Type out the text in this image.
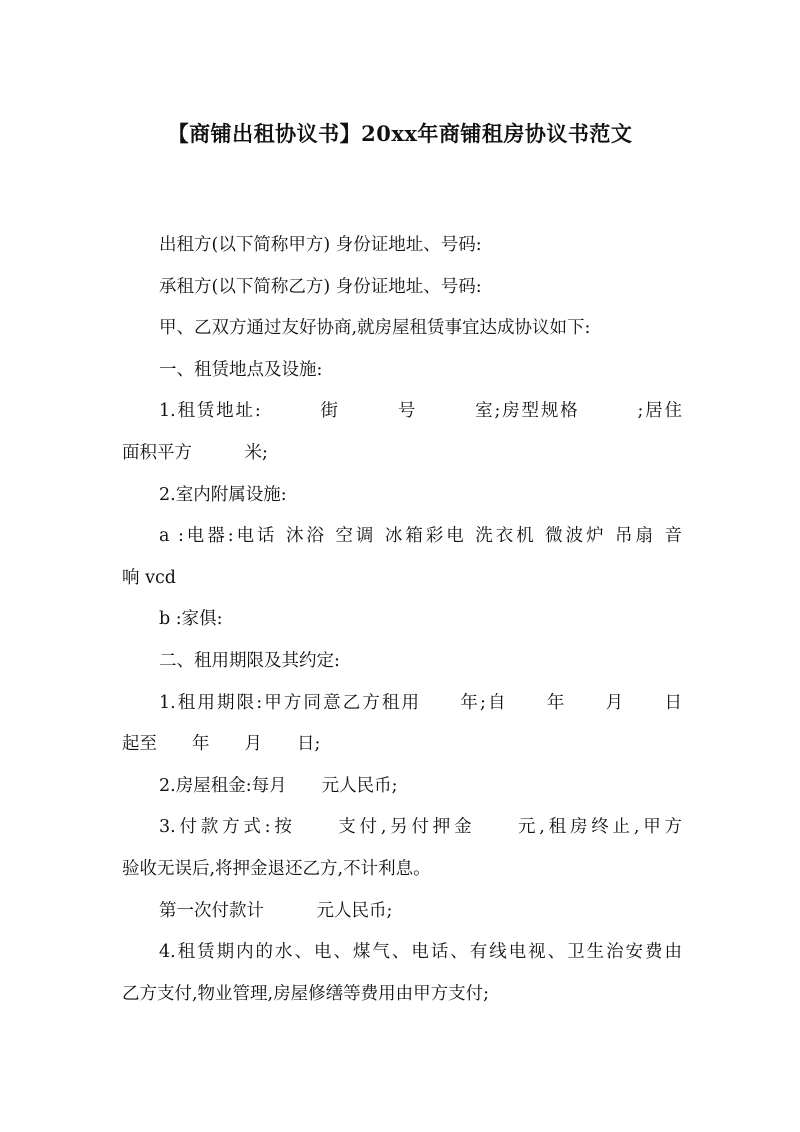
【商铺出租协议书】20xx年商铺租房协议书范文
出租方(以下简称甲方) 身份证地址、号码:
承租方(以下简称乙方) 身份证地址、号码:
甲、乙双方通过友好协商,就房屋租赁事宜达成协议如下:
一、租赁地点及设施:
1.租赁地址:　　　街　　　号　　　室;房型规格　　　;居住
面积平方　　　米;
2.室内附属设施:
a :电器:电话 沐浴 空调 冰箱彩电 洗衣机 微波炉 吊扇 音
响 vcd
b :家俱:
二、租用期限及其约定:
1.租用期限:甲方同意乙方租用　　年;自　　年　　月　　日
起至　　年　　月　　日;
2.房屋租金:每月　　元人民币;
3.付款方式:按　　支付,另付押金　　元,租房终止,甲方
验收无误后,将押金退还乙方,不计利息。
第一次付款计　　　元人民币;
4.租赁期内的水、电、煤气、电话、有线电视、卫生治安费由
乙方支付,物业管理,房屋修缮等费用由甲方支付;
